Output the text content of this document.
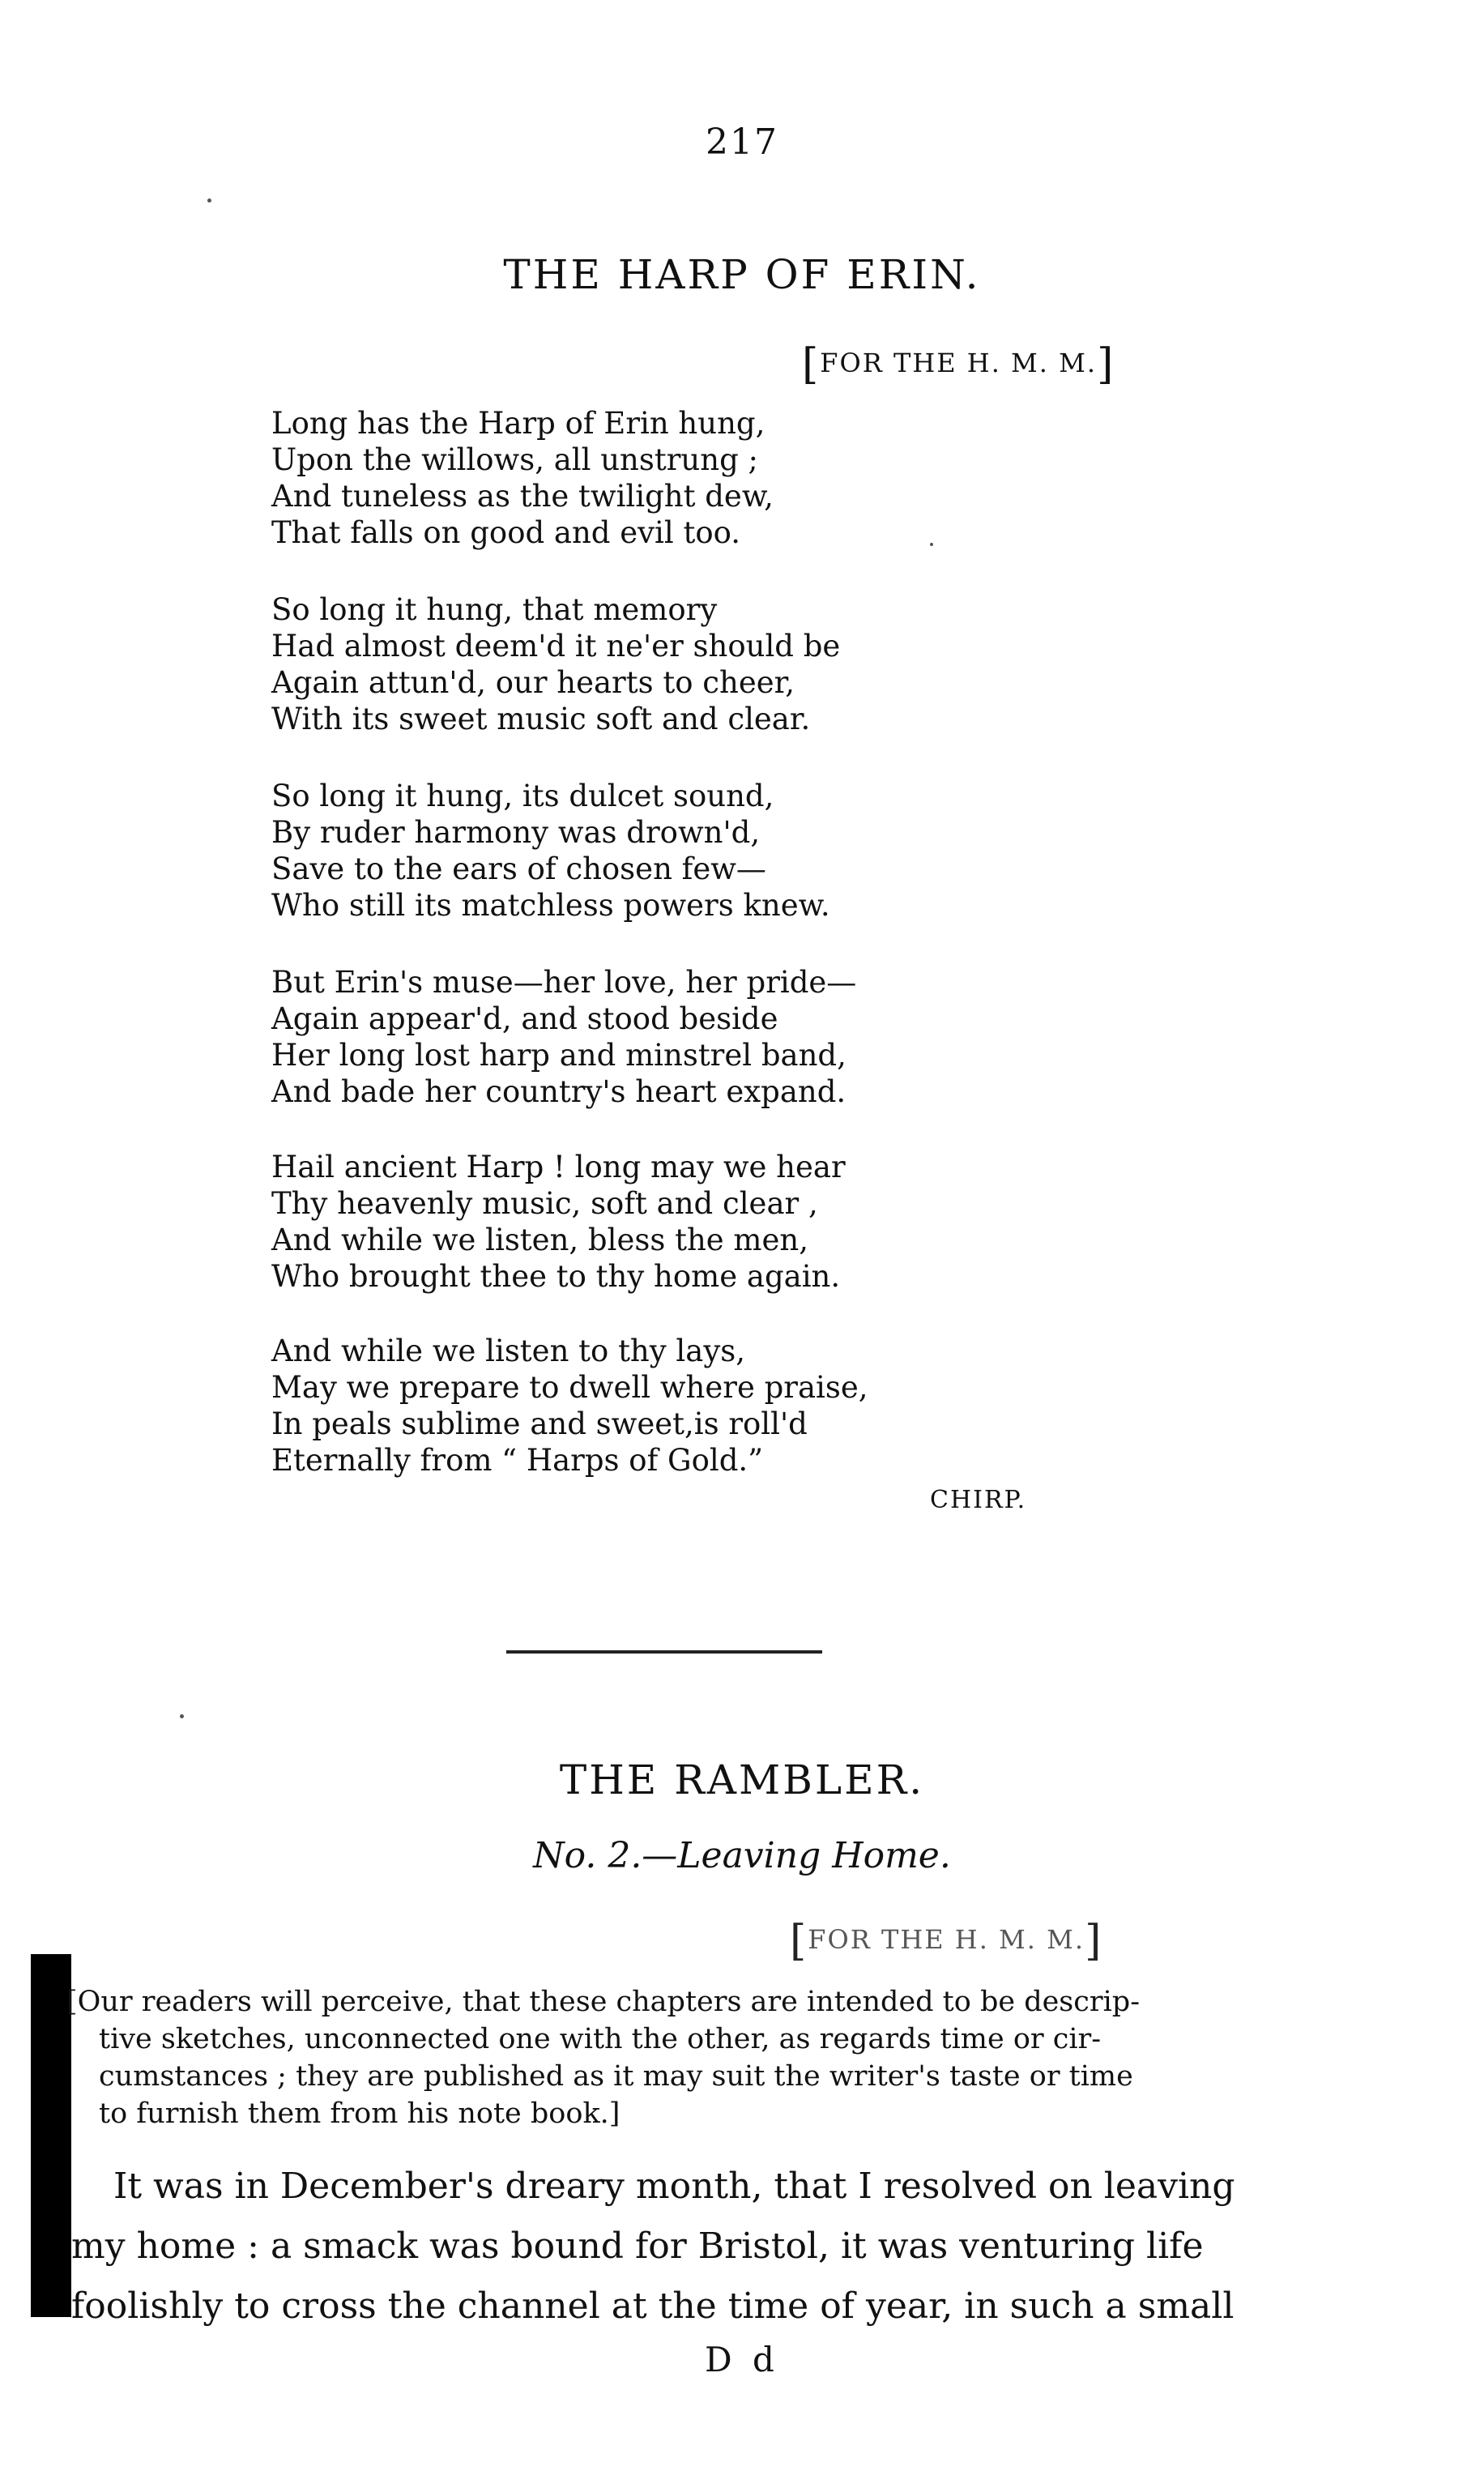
217
THE HARP OF ERIN.
[FOR THE H. M. M.]
Long has the Harp of Erin hung,
Upon the willows, all unstrung ;
And tuneless as the twilight dew,
That falls on good and evil too.
So long it hung, that memory
Had almost deem'd it ne'er should be
Again attun'd, our hearts to cheer,
With its sweet music soft and clear.
So long it hung, its dulcet sound,
By ruder harmony was drown'd,
Save to the ears of chosen few—
Who still its matchless powers knew.
But Erin's muse—her love, her pride—
Again appear'd, and stood beside
Her long lost harp and minstrel band,
And bade her country's heart expand.
Hail ancient Harp ! long may we hear
Thy heavenly music, soft and clear ,
And while we listen, bless the men,
Who brought thee to thy home again.
And while we listen to thy lays,
May we prepare to dwell where praise,
In peals sublime and sweet,is roll'd
Eternally from “ Harps of Gold.”
CHIRP.
THE RAMBLER.
No. 2.—Leaving Home.
[FOR THE H. M. M.]
[Our readers will perceive, that these chapters are intended to be descrip-
tive sketches, unconnected one with the other, as regards time or cir-
cumstances ; they are published as it may suit the writer's taste or time
to furnish them from his note book.]
It was in December's dreary month, that I resolved on leaving
my home : a smack was bound for Bristol, it was venturing life
foolishly to cross the channel at the time of year, in such a small
D d
